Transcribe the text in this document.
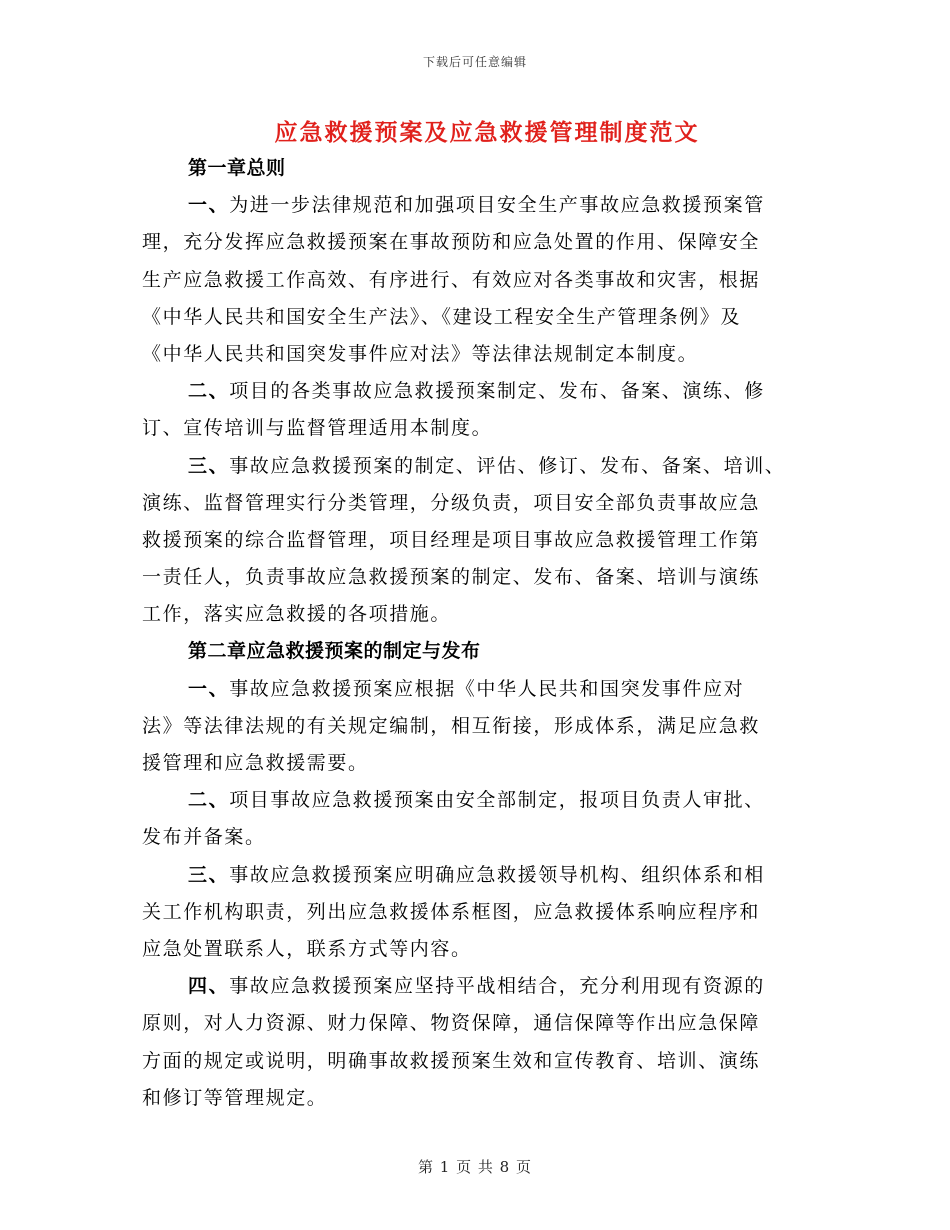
下载后可任意编辑
应急救援预案及应急救援管理制度范文
第一章总则
一、为进一步法律规范和加强项目安全生产事故应急救援预案管
理，充分发挥应急救援预案在事故预防和应急处置的作用、保障安全
生产应急救援工作高效、有序进行、有效应对各类事故和灾害，根据
《中华人民共和国安全生产法》、《建设工程安全生产管理条例》及
《中华人民共和国突发事件应对法》等法律法规制定本制度。
二、项目的各类事故应急救援预案制定、发布、备案、演练、修
订、宣传培训与监督管理适用本制度。
三、事故应急救援预案的制定、评估、修订、发布、备案、培训、
演练、监督管理实行分类管理，分级负责，项目安全部负责事故应急
救援预案的综合监督管理，项目经理是项目事故应急救援管理工作第
一责任人，负责事故应急救援预案的制定、发布、备案、培训与演练
工作，落实应急救援的各项措施。
第二章应急救援预案的制定与发布
一、事故应急救援预案应根据《中华人民共和国突发事件应对
法》等法律法规的有关规定编制，相互衔接，形成体系，满足应急救
援管理和应急救援需要。
二、项目事故应急救援预案由安全部制定，报项目负责人审批、
发布并备案。
三、事故应急救援预案应明确应急救援领导机构、组织体系和相
关工作机构职责，列出应急救援体系框图，应急救援体系响应程序和
应急处置联系人，联系方式等内容。
四、事故应急救援预案应坚持平战相结合，充分利用现有资源的
原则，对人力资源、财力保障、物资保障，通信保障等作出应急保障
方面的规定或说明，明确事故救援预案生效和宣传教育、培训、演练
和修订等管理规定。
第 1 页 共 8 页
